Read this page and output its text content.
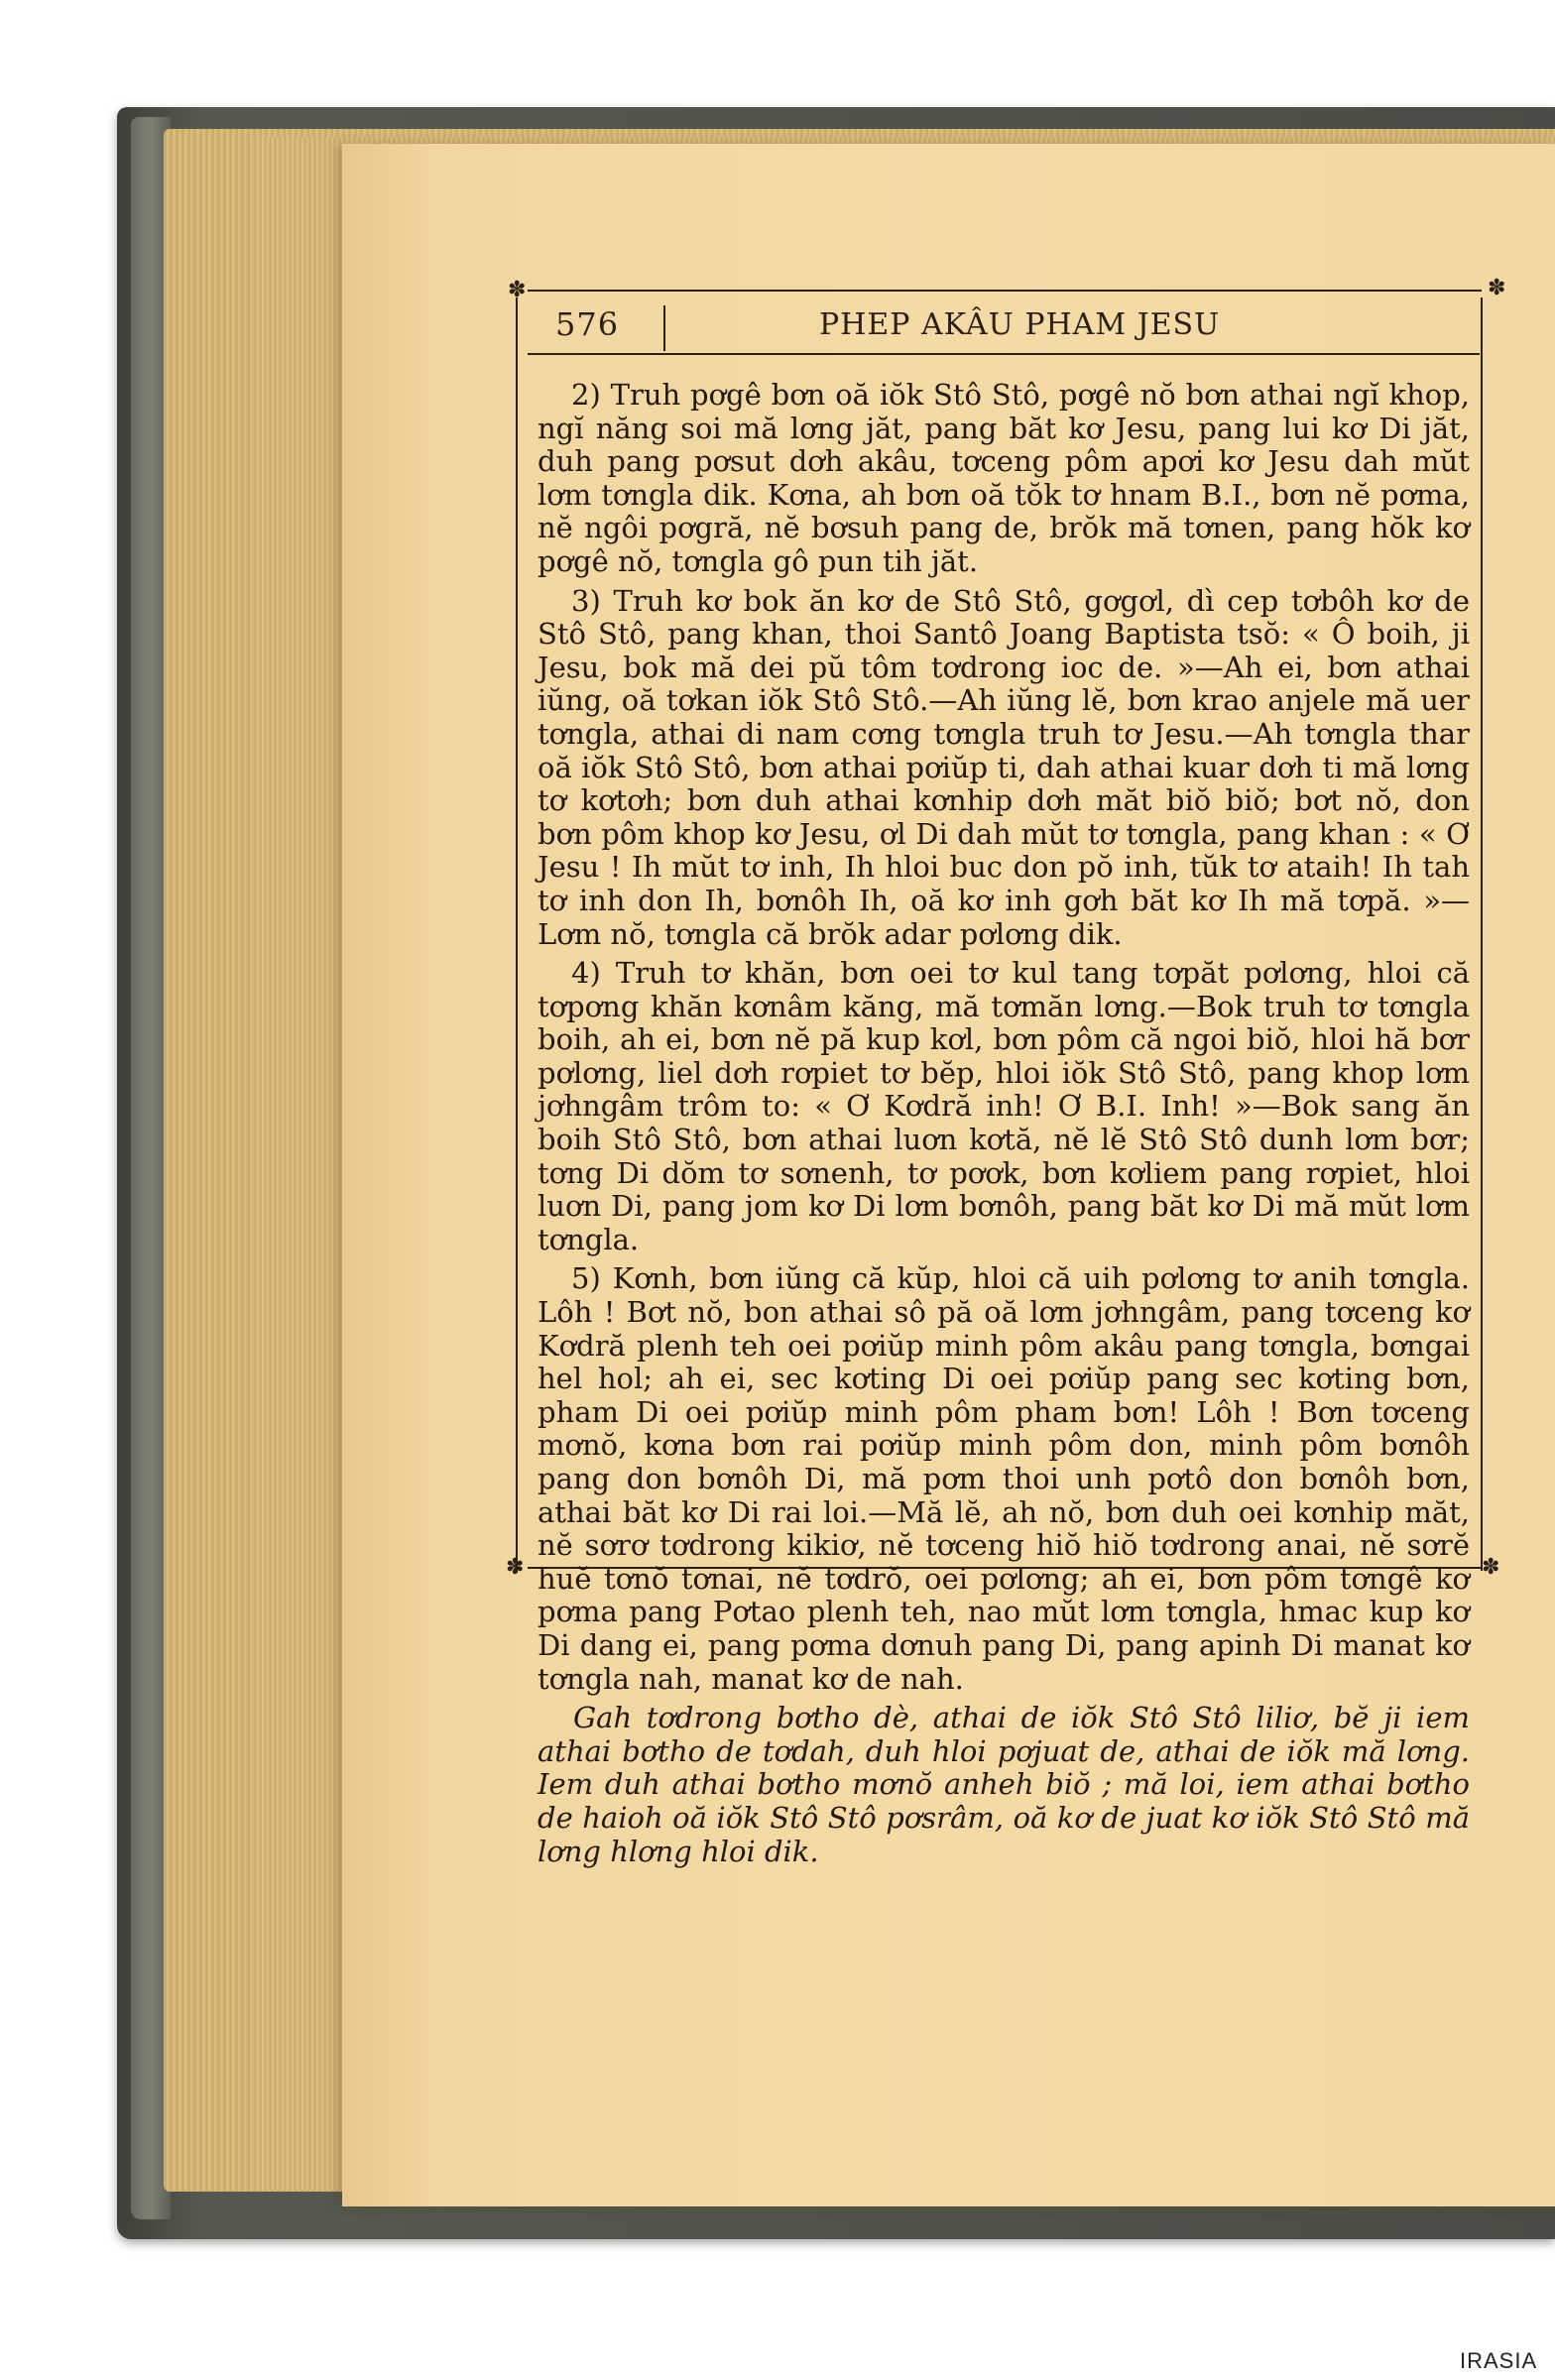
✽	✽
✽	✽
576	PHEP AKÂU PHAM JESU

2) Truh pơgê bơn oă iŏk Stô Stô, pơgê nŏ bơn athai ngĭ khop, ngĭ năng soi mă lơng jăt, pang băt kơ Jesu, pang lui kơ Di jăt, duh pang pơsut dơh akâu, tơceng pôm apơi kơ Jesu dah mŭt lơm tơngla dik. Kơna, ah bơn oă tŏk tơ hnam B.I., bơn nĕ pơma, nĕ ngôi pơgră, nĕ bơsuh pang de, brŏk mă tơnen, pang hŏk kơ pơgê nŏ, tơngla gô pun tih jăt.

3) Truh kơ bok ăn kơ de Stô Stô, gơgơl, dì cep tơbôh kơ de Stô Stô, pang khan, thoi Santô Joang Baptista tsŏ: « Ô boih, ji Jesu, bok mă dei pŭ tôm tơdrong ioc de. »—Ah ei, bơn athai iŭng, oă tơkan iŏk Stô Stô.—Ah iŭng lĕ, bơn krao anjele mă uer tơngla, athai di nam cơng tơngla truh tơ Jesu.—Ah tơngla thar oă iŏk Stô Stô, bơn athai pơiŭp ti, dah athai kuar dơh ti mă lơng tơ kơtơh; bơn duh athai kơnhip dơh măt biŏ biŏ; bơt nŏ, don bơn pôm khop kơ Jesu, ơl Di dah mŭt tơ tơngla, pang khan : « Ơ Jesu ! Ih mŭt tơ inh, Ih hloi buc don pŏ inh, tŭk tơ ataih! Ih tah tơ inh don Ih, bơnôh Ih, oă kơ inh gơh băt kơ Ih mă tơpă. »—Lơm nŏ, tơngla că brŏk adar pơlơng dik.

4) Truh tơ khăn, bơn oei tơ kul tang tơpăt pơlơng, hloi că tơpơng khăn kơnâm kăng, mă tơmăn lơng.—Bok truh tơ tơngla boih, ah ei, bơn nĕ pă kup kơl, bơn pôm că ngoi biŏ, hloi hă bơr pơlơng, liel dơh rơpiet tơ bĕp, hloi iŏk Stô Stô, pang khop lơm jơhngâm trôm to: « Ơ Kơdră inh! Ơ B.I. Inh! »—Bok sang ăn boih Stô Stô, bơn athai luơn kơtă, nĕ lĕ Stô Stô dunh lơm bơr; tơng Di dŏm tơ sơnenh, tơ pơơk, bơn kơliem pang rơpiet, hloi luơn Di, pang jom kơ Di lơm bơnôh, pang băt kơ Di mă mŭt lơm tơngla.

5) Kơnh, bơn iŭng că kŭp, hloi că uih pơlơng tơ anih tơngla. Lôh ! Bơt nŏ, bon athai sô pă oă lơm jơhngâm, pang tơceng kơ Kơdră plenh teh oei pơiŭp minh pôm akâu pang tơngla, bơngai hel hol; ah ei, sec kơting Di oei pơiŭp pang sec kơting bơn, pham Di oei pơiŭp minh pôm pham bơn! Lôh ! Bơn tơceng mơnŏ, kơna bơn rai pơiŭp minh pôm don, minh pôm bơnôh pang don bơnôh Di, mă pơm thoi unh pơtô don bơnôh bơn, athai băt kơ Di rai loi.—Mă lĕ, ah nŏ, bơn duh oei kơnhip măt, nĕ sơrơ tơdrong kikiơ, nĕ tơceng hiŏ hiŏ tơdrong anai, nĕ sơrĕ huĕ tơnŏ tơnai, nĕ tơdrŏ, oei pơlơng; ah ei, bơn pôm tơngê kơ pơma pang Pơtao plenh teh, nao mŭt lơm tơngla, hmac kup kơ Di dang ei, pang pơma dơnuh pang Di, pang apinh Di manat kơ tơngla nah, manat kơ de nah.

Gah tơdrong bơtho dè, athai de iŏk Stô Stô liliơ, bĕ ji iem athai bơtho de tơdah, duh hloi pơjuat de, athai de iŏk mă lơng. Iem duh athai bơtho mơnŏ anheh biŏ ; mă loi, iem athai bơtho de haioh oă iŏk Stô Stô pơsrâm, oă kơ de juat kơ iŏk Stô Stô mă lơng hlơng hloi dik.

IRASIA
